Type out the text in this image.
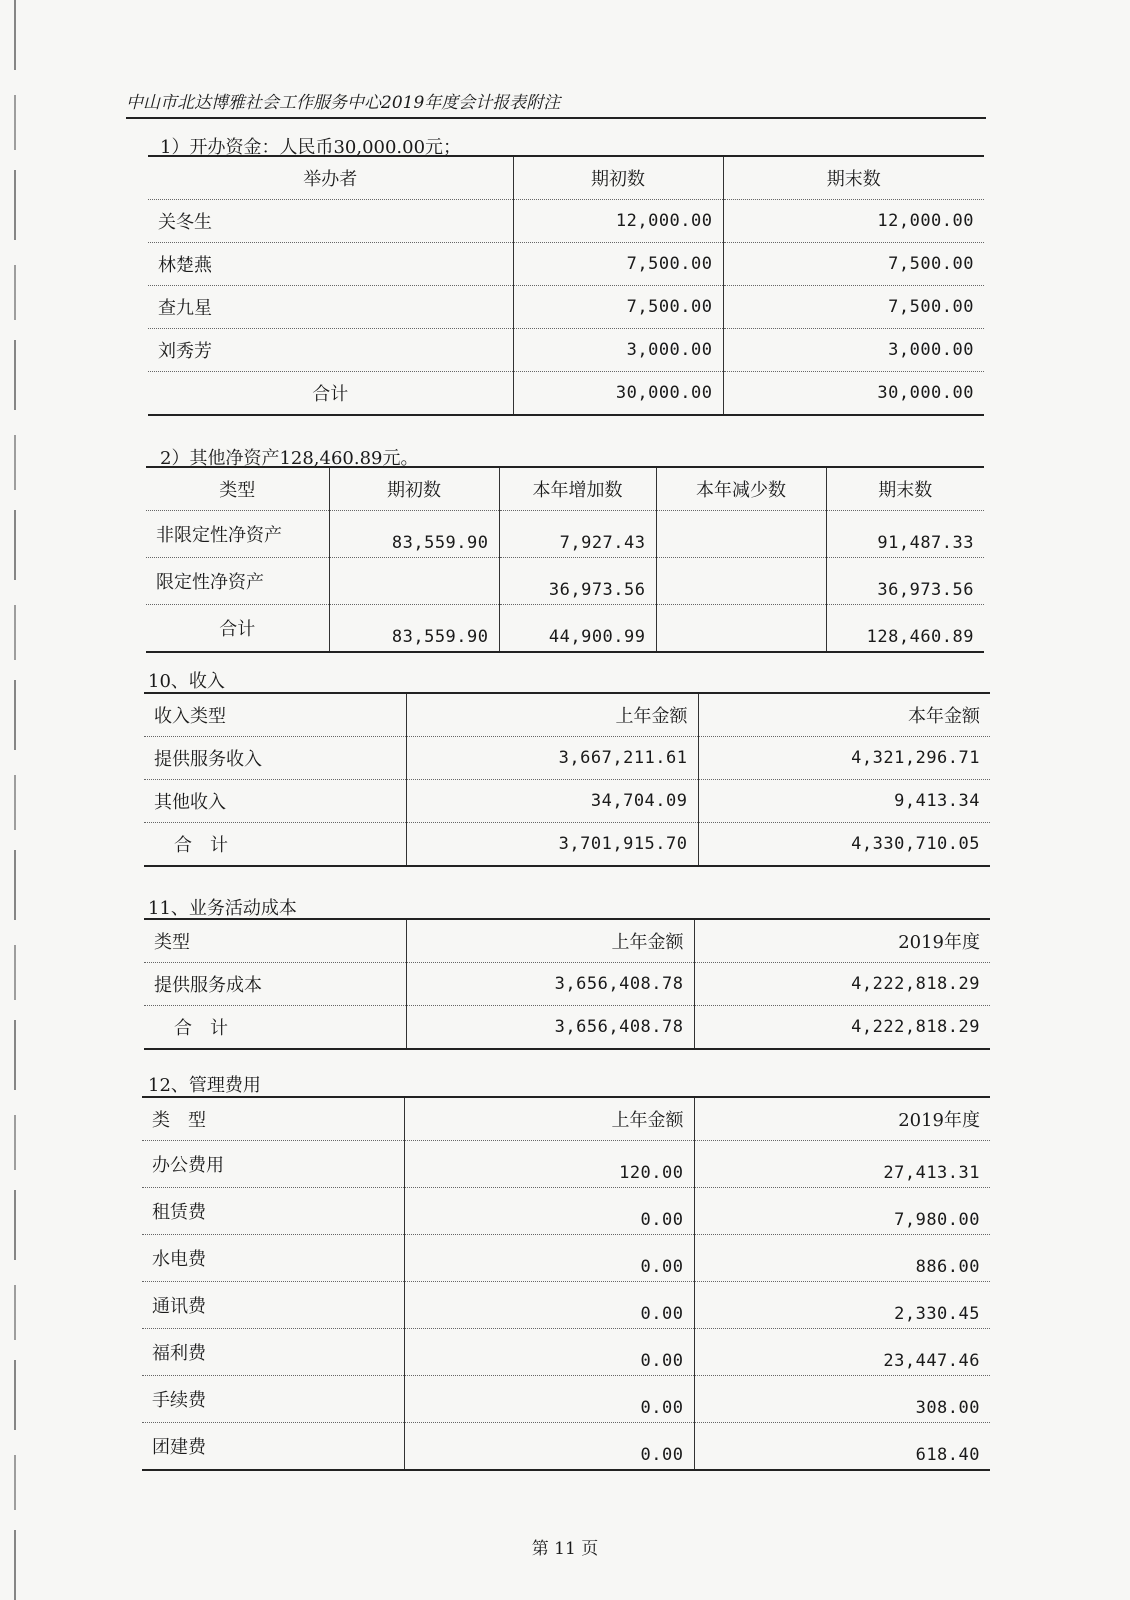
中山市北达博雅社会工作服务中心2019年度会计报表附注
1）开办资金：人民币30,000.00元；
举办者	期初数	期末数
关冬生	12,000.00	12,000.00
林楚燕	7,500.00	7,500.00
查九星	7,500.00	7,500.00
刘秀芳	3,000.00	3,000.00
合计	30,000.00	30,000.00
2）其他净资产128,460.89元。
类型	期初数	本年增加数	本年减少数	期末数
非限定性净资产	83,559.90	7,927.43		91,487.33
限定性净资产		36,973.56		36,973.56
合计	83,559.90	44,900.99		128,460.89
10、收入
收入类型	上年金额	本年金额
提供服务收入	3,667,211.61	4,321,296.71
其他收入	34,704.09	9,413.34
合　计	3,701,915.70	4,330,710.05
11、业务活动成本
类型	上年金额	2019年度
提供服务成本	3,656,408.78	4,222,818.29
合　计	3,656,408.78	4,222,818.29
12、管理费用
类　型	上年金额	2019年度
办公费用	120.00	27,413.31
租赁费	0.00	7,980.00
水电费	0.00	886.00
通讯费	0.00	2,330.45
福利费	0.00	23,447.46
手续费	0.00	308.00
团建费	0.00	618.40
第 11 页
